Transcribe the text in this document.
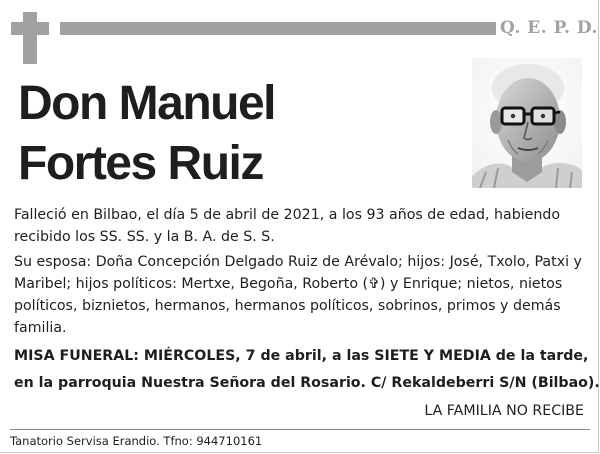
Q. E. P. D.
Don Manuel
Fortes Ruiz
Falleció en Bilbao, el día 5 de abril de 2021, a los 93 años de edad, habiendo recibido los SS. SS. y la B. A. de S. S.
Su esposa: Doña Concepción Delgado Ruiz de Arévalo; hijos: José, Txolo, Patxi y Maribel; hijos políticos: Mertxe, Begoña, Roberto (✞) y Enrique; nietos, nietos políticos, biznietos, hermanos, hermanos políticos, sobrinos, primos y demás familia.
MISA FUNERAL: MIÉRCOLES, 7 de abril, a las SIETE Y MEDIA de la tarde,
en la parroquia Nuestra Señora del Rosario. C/ Rekaldeberri S/N (Bilbao).
LA FAMILIA NO RECIBE
Tanatorio Servisa Erandio. Tfno: 944710161
